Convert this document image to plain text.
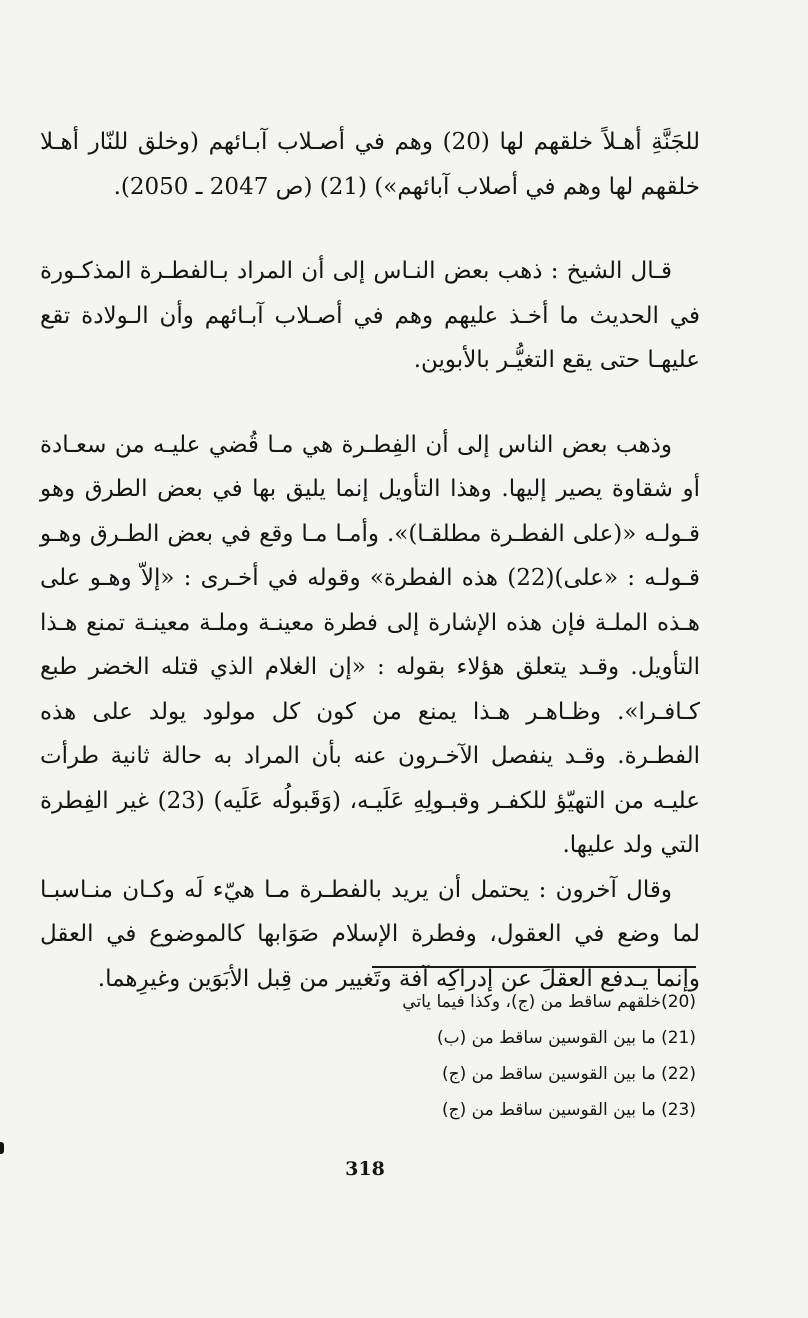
للجَنَّةِ أهـلاً خلقهم لها (20) وهم في أصـلاب آبـائهم (وخلق للنّار أهـلا خلقهم لها وهم في أصلاب آبائهم») (21) (ص 2047 ـ 2050).

قـال الشيخ : ذهب بعض النـاس إلى أن المراد بـالفطـرة المذكـورة في الحديث ما أخـذ عليهم وهم في أصـلاب آبـائهم وأن الـولادة تقع عليهـا حتى يقع التغيُّـر بالأبوين.

وذهب بعض الناس إلى أن الفِطـرة هي مـا قُضي عليـه من سعـادة أو شقاوة يصير إليها. وهذا التأويل إنما يليق بها في بعض الطرق وهو قـولـه «(على الفطـرة مطلقـا)». وأمـا مـا وقع في بعض الطـرق وهـو قـولـه : «على)(22) هذه الفطرة» وقوله في أخـرى : «إلاّ وهـو على هـذه الملـة فإن هذه الإشارة إلى فطرة معينـة وملـة معينـة تمنع هـذا التأويل. وقـد يتعلق هؤلاء بقوله : «إن الغلام الذي قتله الخضر طبع كـافـرا». وظـاهـر هـذا يمنع من كون كل مولود يولد على هذه الفطـرة. وقـد ينفصل الآخـرون عنه بأن المراد به حالة ثانية طرأت عليـه من التهيّؤ للكفـر وقبـولِهِ عَلَيـه، (وَقَبولُه عَلَيه) (23) غير الفِطرة التي ولد عليها.

وقال آخرون : يحتمل أن يريد بالفطـرة مـا هيّء لَه وكـان منـاسبـا لما وضع في العقول، وفطرة الإسلام صَوَابها كالموضوع في العقل وإنما يـدفع العقلَ عن إدراكِه آفة وتَغيير من قِبل الأبَوَين وغيرِهما.

(20)خلقهم ساقط من (ج)، وكذا فيما ياتي

(21) ما بين القوسين ساقط من (ب)

(22) ما بين القوسين ساقط من (ج)

(23) ما بين القوسين ساقط من (ج)

318
